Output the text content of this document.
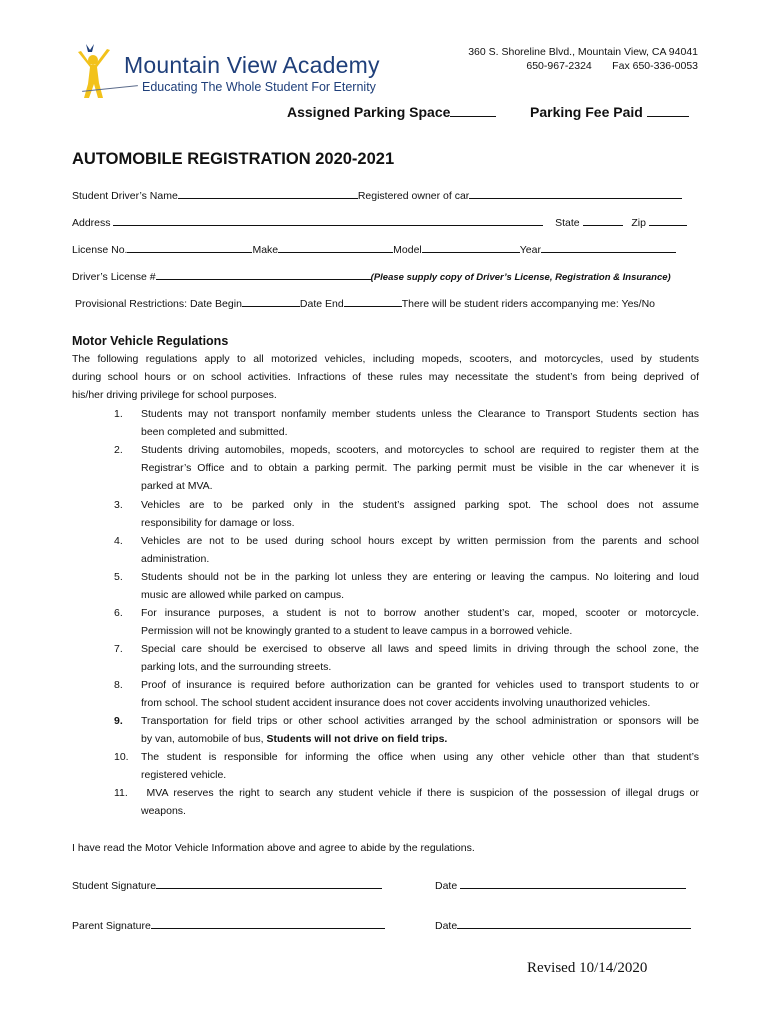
Mountain View Academy
Educating The Whole Student For Eternity
360 S. Shoreline Blvd., Mountain View, CA 94041
650-967-2324       Fax 650-336-0053
Assigned Parking Space	Parking Fee Paid
AUTOMOBILE REGISTRATION 2020-2021
Student Driver’s Name	Registered owner of car
Address	State	Zip
License No.	Make	Model	Year
Driver’s License #	(Please supply copy of Driver’s License, Registration & Insurance)
Provisional Restrictions: Date Begin	Date End	There will be student riders accompanying me: Yes/No
Motor Vehicle Regulations
The following regulations apply to all motorized vehicles, including mopeds, scooters, and motorcycles, used by students
during school hours or on school activities. Infractions of these rules may necessitate the student’s from being deprived of
his/her driving privilege for school purposes.
1.	Students may not transport nonfamily member students unless the Clearance to Transport Students section has
been completed and submitted.
2.	Students driving automobiles, mopeds, scooters, and motorcycles to school are required to register them at the
Registrar’s Office and to obtain a parking permit. The parking permit must be visible in the car whenever it is
parked at MVA.
3.	Vehicles are to be parked only in the student’s assigned parking spot. The school does not assume
responsibility for damage or loss.
4.	Vehicles are not to be used during school hours except by written permission from the parents and school
administration.
5.	Students should not be in the parking lot unless they are entering or leaving the campus. No loitering and loud
music are allowed while parked on campus.
6.	For insurance purposes, a student is not to borrow another student’s car, moped, scooter or motorcycle.
Permission will not be knowingly granted to a student to leave campus in a borrowed vehicle.
7.	Special care should be exercised to observe all laws and speed limits in driving through the school zone, the
parking lots, and the surrounding streets.
8.	Proof of insurance is required before authorization can be granted for vehicles used to transport students to or
from school. The school student accident insurance does not cover accidents involving unauthorized vehicles.
9.	Transportation for field trips or other school activities arranged by the school administration or sponsors will be
by van, automobile of bus, Students will not drive on field trips.
10.	The student is responsible for informing the office when using any other vehicle other than that student’s
registered vehicle.
11.	MVA reserves the right to search any student vehicle if there is suspicion of the possession of illegal drugs or
weapons.
I have read the Motor Vehicle Information above and agree to abide by the regulations.
Student Signature	Date
Parent Signature	Date
Revised 10/14/2020
